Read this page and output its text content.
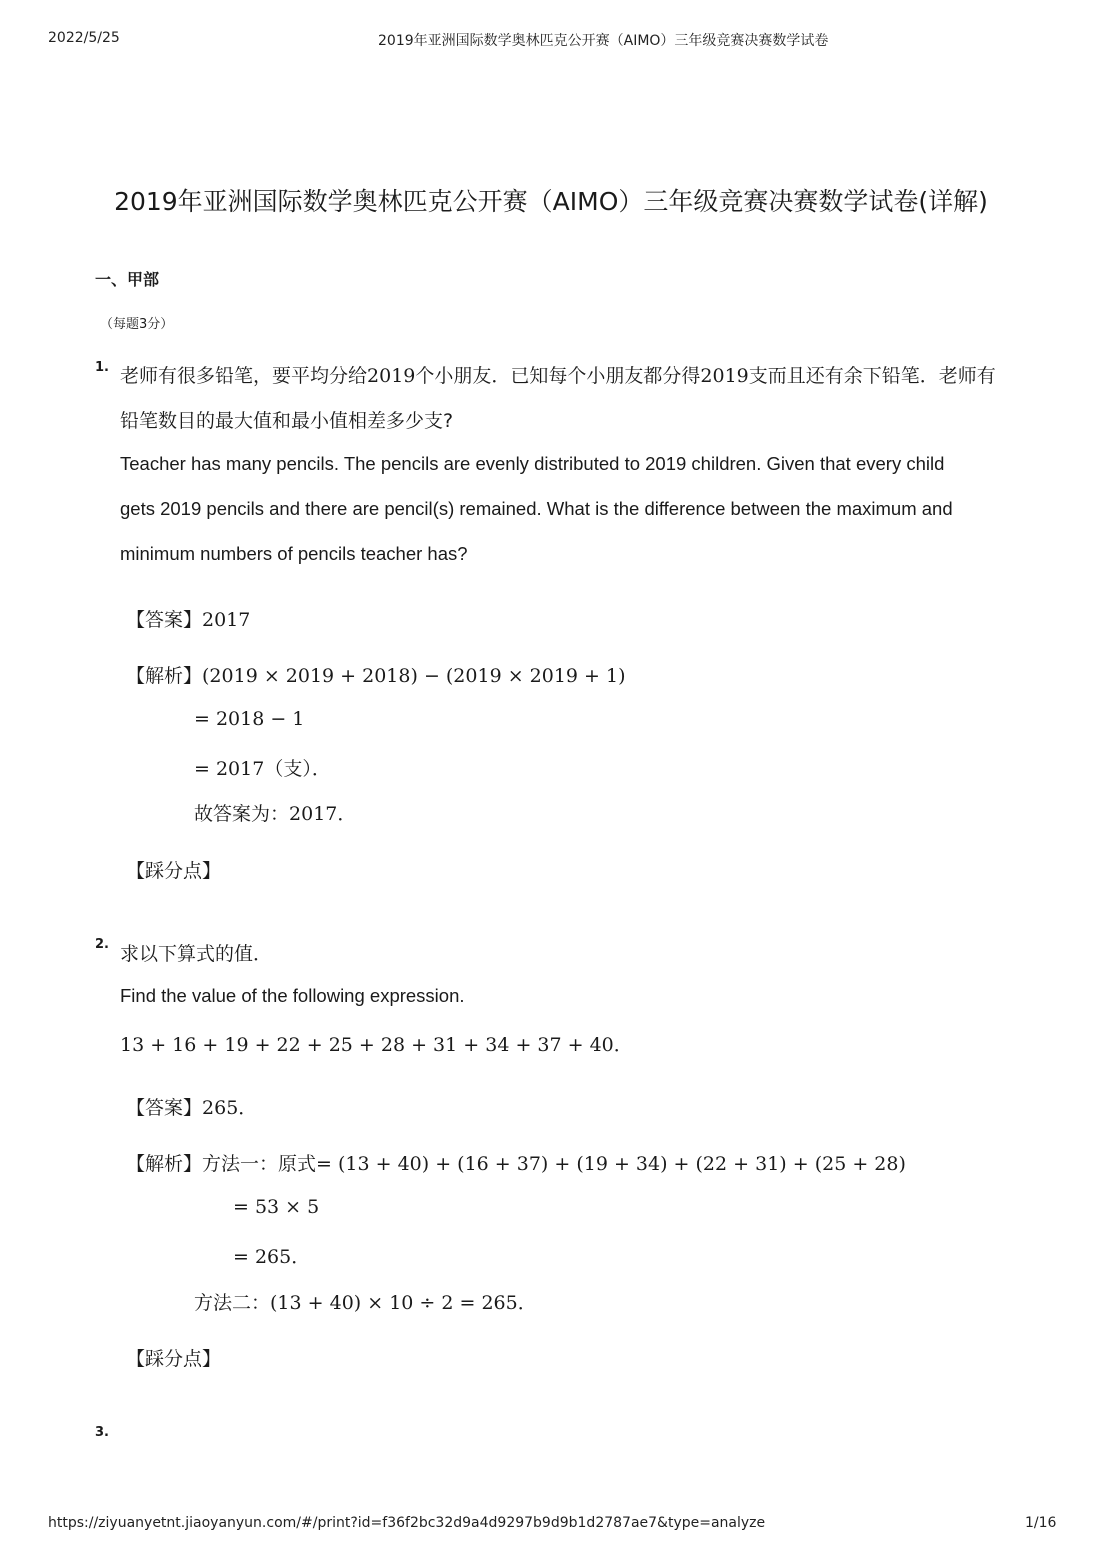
2022/5/25	2019年亚洲国际数学奥林匹克公开赛（AIMO）三年级竞赛决赛数学试卷
2019年亚洲国际数学奥林匹克公开赛（AIMO）三年级竞赛决赛数学试卷(详解)
一、甲部
（每题3分）
1. 老师有很多铅笔，要平均分给2019个小朋友．已知每个小朋友都分得2019支而且还有余下铅笔．老师有
铅笔数目的最大值和最小值相差多少支?
Teacher has many pencils. The pencils are evenly distributed to 2019 children. Given that every child
gets 2019 pencils and there are pencil(s) remained. What is the difference between the maximum and
minimum numbers of pencils teacher has?
【答案】2017
【解析】(2019 × 2019 + 2018) − (2019 × 2019 + 1)
= 2018 − 1
= 2017（支）．
故答案为：2017．
【踩分点】
2. 求以下算式的值．
Find the value of the following expression.
13 + 16 + 19 + 22 + 25 + 28 + 31 + 34 + 37 + 40．
【答案】265．
【解析】方法一：原式= (13 + 40) + (16 + 37) + (19 + 34) + (22 + 31) + (25 + 28)
= 53 × 5
= 265．
方法二：(13 + 40) × 10 ÷ 2 = 265．
【踩分点】
3.
https://ziyuanyetnt.jiaoyanyun.com/#/print?id=f36f2bc32d9a4d9297b9d9b1d2787ae7&type=analyze	1/16
